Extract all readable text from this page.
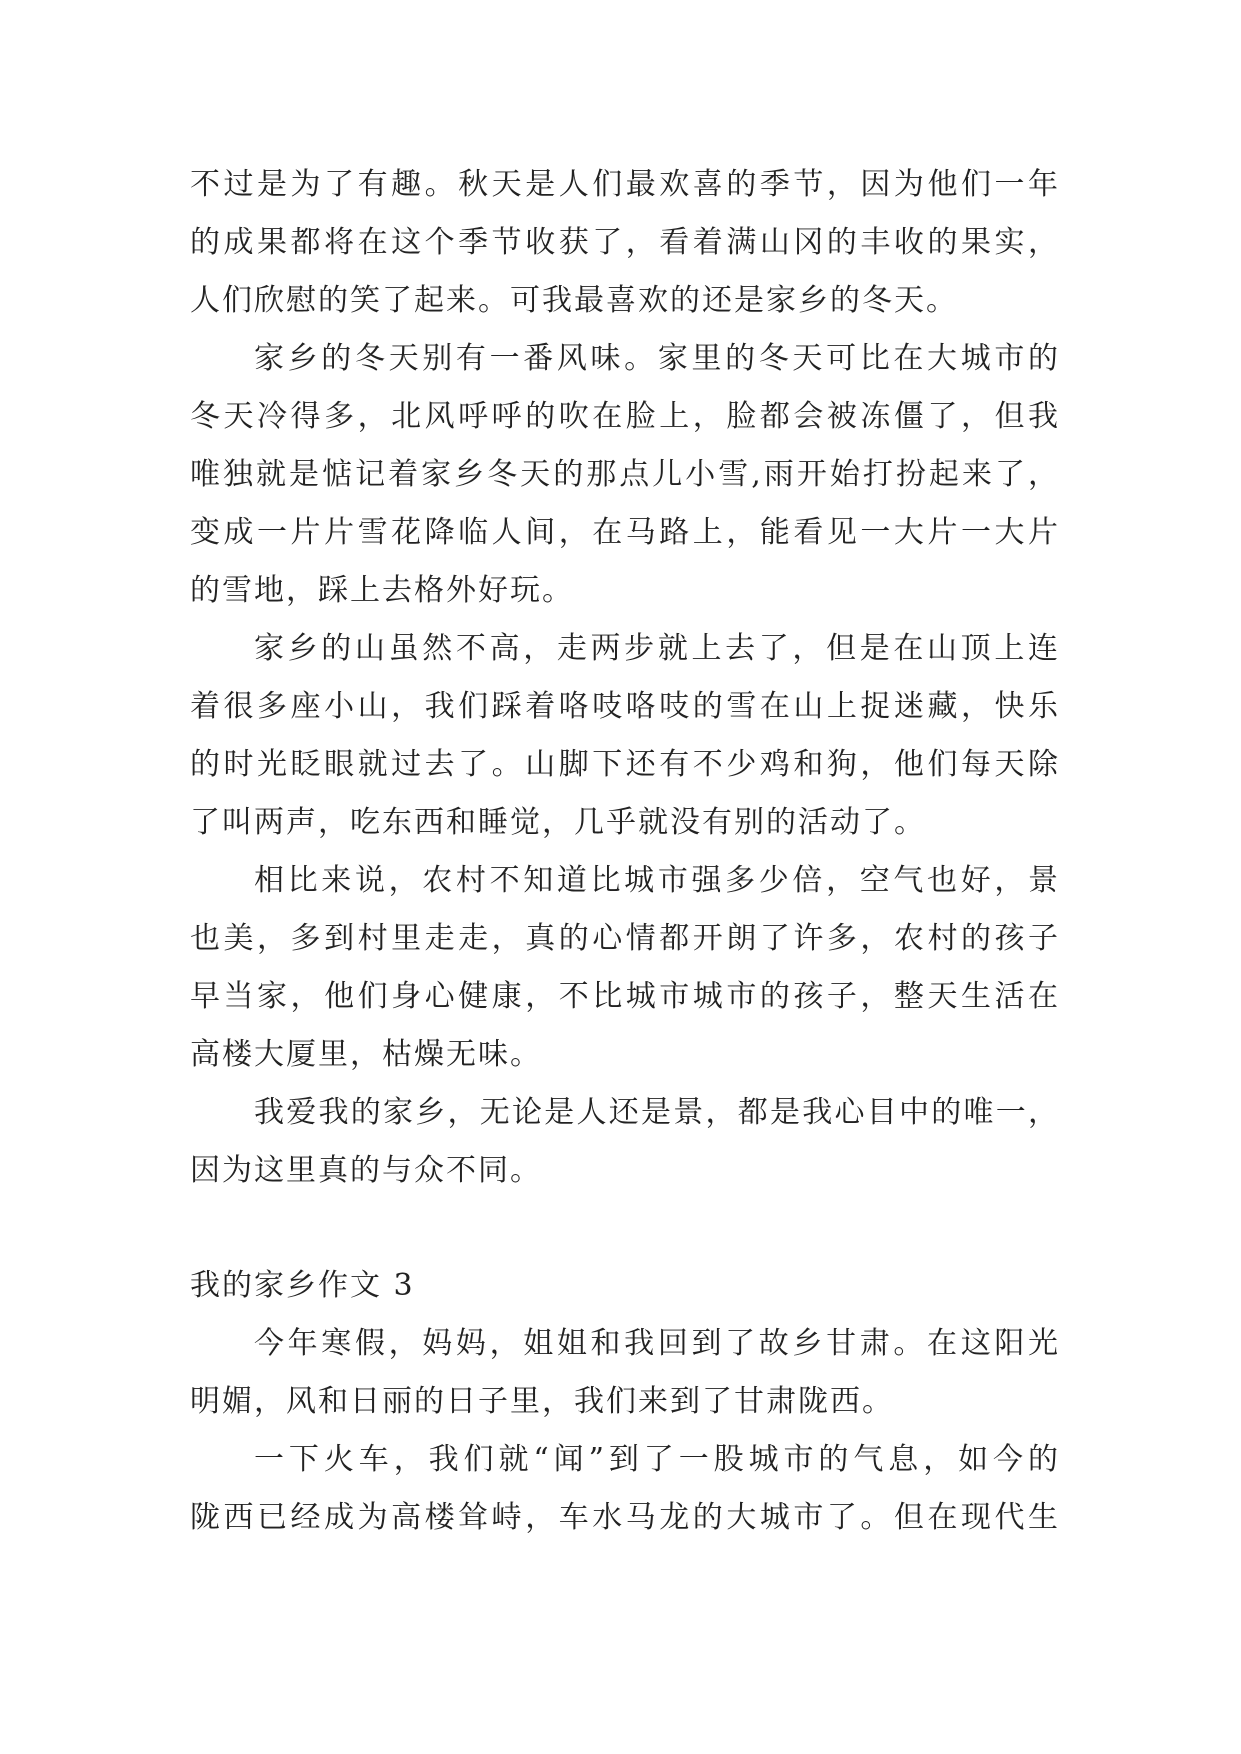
不过是为了有趣。秋天是人们最欢喜的季节，因为他们一年
的成果都将在这个季节收获了，看着满山冈的丰收的果实，
人们欣慰的笑了起来。可我最喜欢的还是家乡的冬天。
家乡的冬天别有一番风味。家里的冬天可比在大城市的
冬天冷得多，北风呼呼的吹在脸上，脸都会被冻僵了，但我
唯独就是惦记着家乡冬天的那点儿小雪,雨开始打扮起来了，
变成一片片雪花降临人间，在马路上，能看见一大片一大片
的雪地，踩上去格外好玩。
家乡的山虽然不高，走两步就上去了，但是在山顶上连
着很多座小山，我们踩着咯吱咯吱的雪在山上捉迷藏，快乐
的时光眨眼就过去了。山脚下还有不少鸡和狗，他们每天除
了叫两声，吃东西和睡觉，几乎就没有别的活动了。
相比来说，农村不知道比城市强多少倍，空气也好，景
也美，多到村里走走，真的心情都开朗了许多，农村的孩子
早当家，他们身心健康，不比城市城市的孩子，整天生活在
高楼大厦里，枯燥无味。
我爱我的家乡，无论是人还是景，都是我心目中的唯一，
因为这里真的与众不同。
我的家乡作文 3
今年寒假，妈妈，姐姐和我回到了故乡甘肃。在这阳光
明媚，风和日丽的日子里，我们来到了甘肃陇西。
一下火车，我们就“闻”到了一股城市的气息，如今的
陇西已经成为高楼耸峙，车水马龙的大城市了。但在现代生
